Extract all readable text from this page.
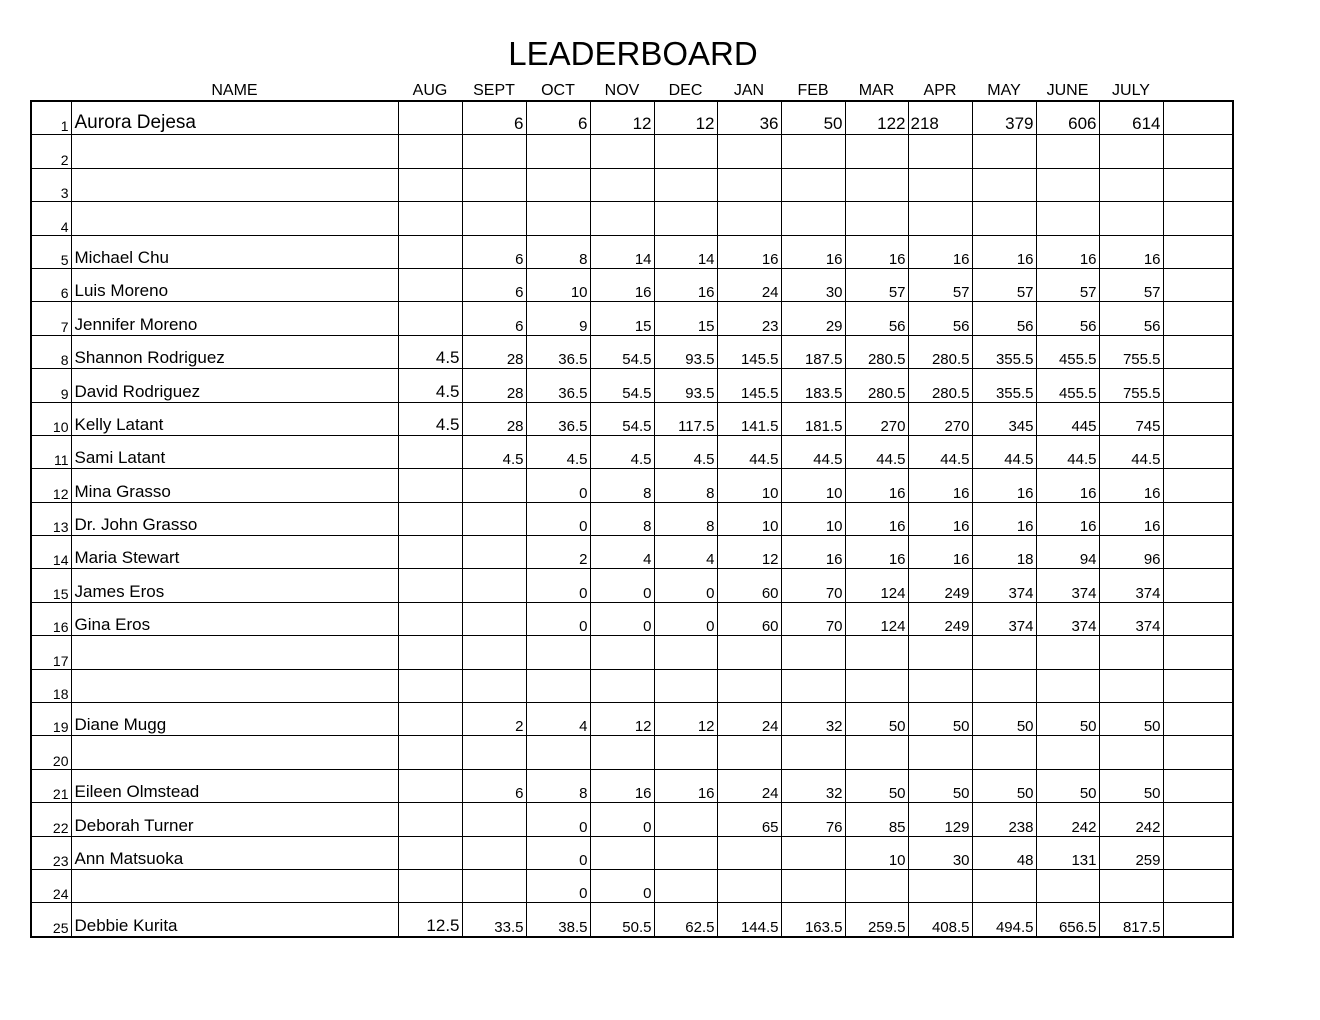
LEADERBOARD
	NAME	AUG	SEPT	OCT	NOV	DEC	JAN	FEB	MAR	APR	MAY	JUNE	JULY	
1	Aurora Dejesa		6	6	12	12	36	50	122	218	379	606	614	
2														
3														
4														
5	Michael Chu		6	8	14	14	16	16	16	16	16	16	16	
6	Luis Moreno		6	10	16	16	24	30	57	57	57	57	57	
7	Jennifer Moreno		6	9	15	15	23	29	56	56	56	56	56	
8	Shannon Rodriguez	4.5	28	36.5	54.5	93.5	145.5	187.5	280.5	280.5	355.5	455.5	755.5	
9	David Rodriguez	4.5	28	36.5	54.5	93.5	145.5	183.5	280.5	280.5	355.5	455.5	755.5	
10	Kelly Latant	4.5	28	36.5	54.5	117.5	141.5	181.5	270	270	345	445	745	
11	Sami Latant		4.5	4.5	4.5	4.5	44.5	44.5	44.5	44.5	44.5	44.5	44.5	
12	Mina Grasso			0	8	8	10	10	16	16	16	16	16	
13	Dr. John Grasso			0	8	8	10	10	16	16	16	16	16	
14	Maria Stewart			2	4	4	12	16	16	16	18	94	96	
15	James Eros			0	0	0	60	70	124	249	374	374	374	
16	Gina Eros			0	0	0	60	70	124	249	374	374	374	
17														
18														
19	Diane Mugg		2	4	12	12	24	32	50	50	50	50	50	
20														
21	Eileen Olmstead		6	8	16	16	24	32	50	50	50	50	50	
22	Deborah Turner			0	0		65	76	85	129	238	242	242	
23	Ann Matsuoka			0					10	30	48	131	259	
24				0	0									
25	Debbie Kurita	12.5	33.5	38.5	50.5	62.5	144.5	163.5	259.5	408.5	494.5	656.5	817.5	
